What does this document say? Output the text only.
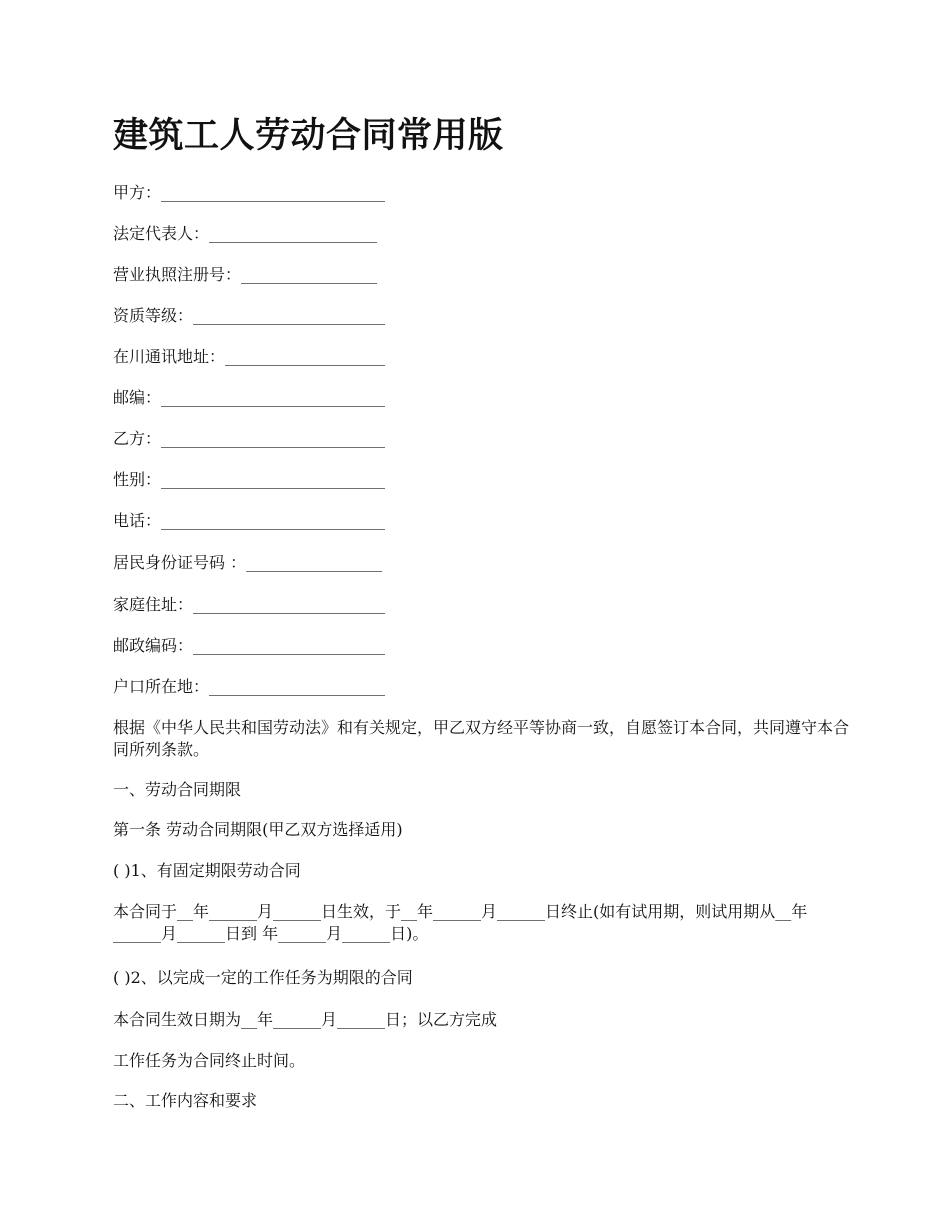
建筑工人劳动合同常用版

甲方：____________________________

法定代表人：_____________________

营业执照注册号：_________________

资质等级：________________________

在川通讯地址：____________________

邮编：____________________________

乙方：____________________________

性别：____________________________

电话：____________________________

居民身份证号码 ：_________________

家庭住址：________________________

邮政编码：________________________

户口所在地：______________________

根据《中华人民共和国劳动法》和有关规定，甲乙双方经平等协商一致，自愿签订本合同，共同遵守本合同所列条款。

一、劳动合同期限

第一条 劳动合同期限(甲乙双方选择适用)

( )1、有固定期限劳动合同

本合同于__年______月______日生效，于__年______月______日终止(如有试用期，则试用期从__年______月______日到 年______月______日)。

( )2、以完成一定的工作任务为期限的合同

本合同生效日期为__年______月______日；以乙方完成

工作任务为合同终止时间。

二、工作内容和要求
